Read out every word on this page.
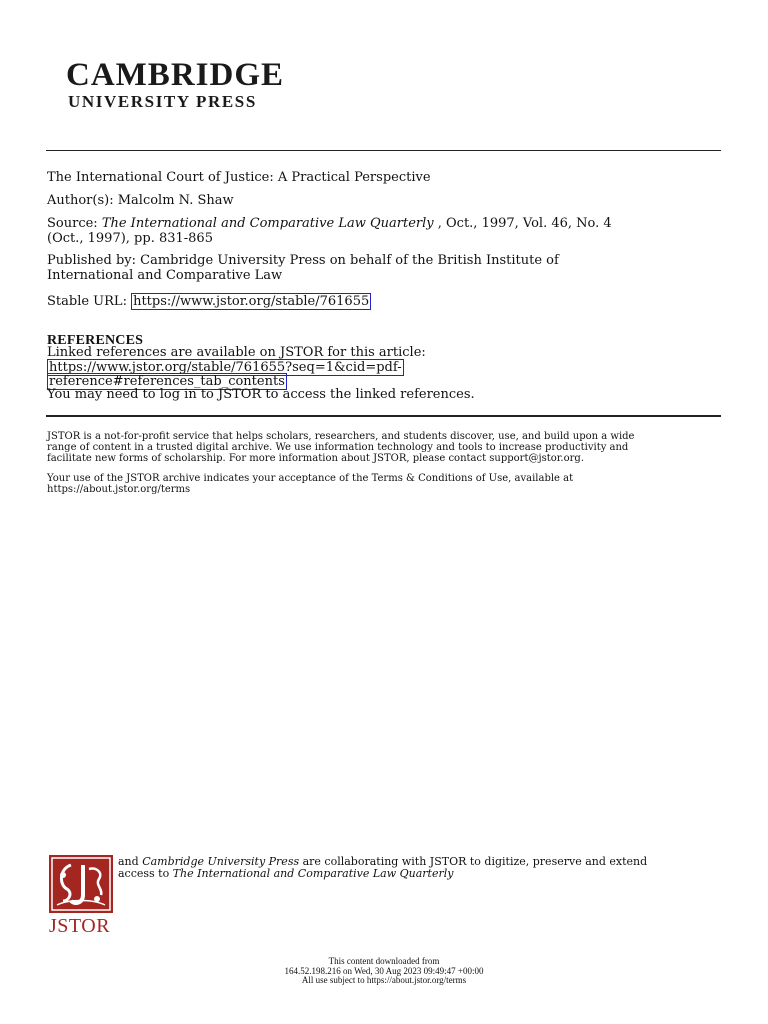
CAMBRIDGE
UNIVERSITY PRESS
The International Court of Justice: A Practical Perspective
Author(s): Malcolm N. Shaw
Source: The International and Comparative Law Quarterly , Oct., 1997, Vol. 46, No. 4
(Oct., 1997), pp. 831-865
Published by: Cambridge University Press on behalf of the British Institute of
International and Comparative Law
Stable URL: https://www.jstor.org/stable/761655
REFERENCES
Linked references are available on JSTOR for this article:
https://www.jstor.org/stable/761655?seq=1&cid=pdf-
reference#references_tab_contents
You may need to log in to JSTOR to access the linked references.
JSTOR is a not-for-profit service that helps scholars, researchers, and students discover, use, and build upon a wide
range of content in a trusted digital archive. We use information technology and tools to increase productivity and
facilitate new forms of scholarship. For more information about JSTOR, please contact support@jstor.org.
Your use of the JSTOR archive indicates your acceptance of the Terms & Conditions of Use, available at
https://about.jstor.org/terms
JSTOR
and Cambridge University Press are collaborating with JSTOR to digitize, preserve and extend
access to The International and Comparative Law Quarterly
This content downloaded from
164.52.198.216 on Wed, 30 Aug 2023 09:49:47 +00:00
All use subject to https://about.jstor.org/terms
